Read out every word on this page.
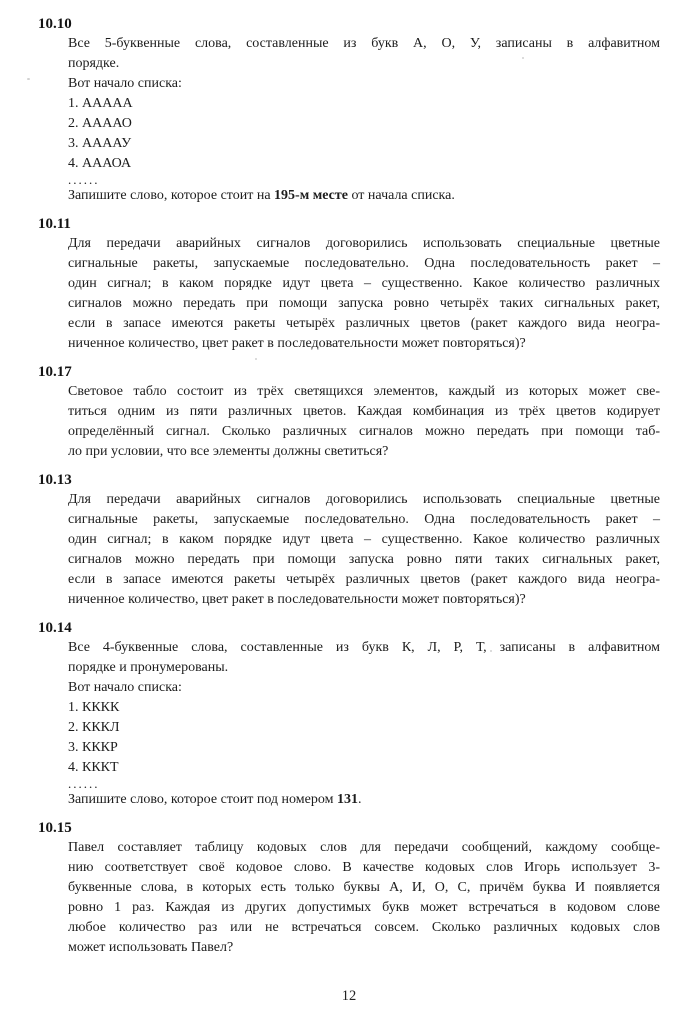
10.10
Все 5-буквенные слова, составленные из букв А, О, У, записаны в алфавитном
порядке.
Вот начало списка:
1. ААААА
2. ААААО
3. ААААУ
4. АААОА
......
Запишите слово, которое стоит на 195-м месте от начала списка.
10.11
Для передачи аварийных сигналов договорились использовать специальные цветные
сигнальные ракеты, запускаемые последовательно. Одна последовательность ракет –
один сигнал; в каком порядке идут цвета – существенно. Какое количество различных
сигналов можно передать при помощи запуска ровно четырёх таких сигнальных ракет,
если в запасе имеются ракеты четырёх различных цветов (ракет каждого вида неогра-
ниченное количество, цвет ракет в последовательности может повторяться)?
10.17
Световое табло состоит из трёх светящихся элементов, каждый из которых может све-
титься одним из пяти различных цветов. Каждая комбинация из трёх цветов кодирует
определённый сигнал. Сколько различных сигналов можно передать при помощи таб-
ло при условии, что все элементы должны светиться?
10.13
Для передачи аварийных сигналов договорились использовать специальные цветные
сигнальные ракеты, запускаемые последовательно. Одна последовательность ракет –
один сигнал; в каком порядке идут цвета – существенно. Какое количество различных
сигналов можно передать при помощи запуска ровно пяти таких сигнальных ракет,
если в запасе имеются ракеты четырёх различных цветов (ракет каждого вида неогра-
ниченное количество, цвет ракет в последовательности может повторяться)?
10.14
Все 4-буквенные слова, составленные из букв К, Л, Р, Т, записаны в алфавитном
порядке и пронумерованы.
Вот начало списка:
1. КККК
2. КККЛ
3. КККР
4. КККТ
......
Запишите слово, которое стоит под номером 131.
10.15
Павел составляет таблицу кодовых слов для передачи сообщений, каждому сообще-
нию соответствует своё кодовое слово. В качестве кодовых слов Игорь использует 3-
буквенные слова, в которых есть только буквы А, И, О, С, причём буква И появляется
ровно 1 раз. Каждая из других допустимых букв может встречаться в кодовом слове
любое количество раз или не встречаться совсем. Сколько различных кодовых слов
может использовать Павел?
12
